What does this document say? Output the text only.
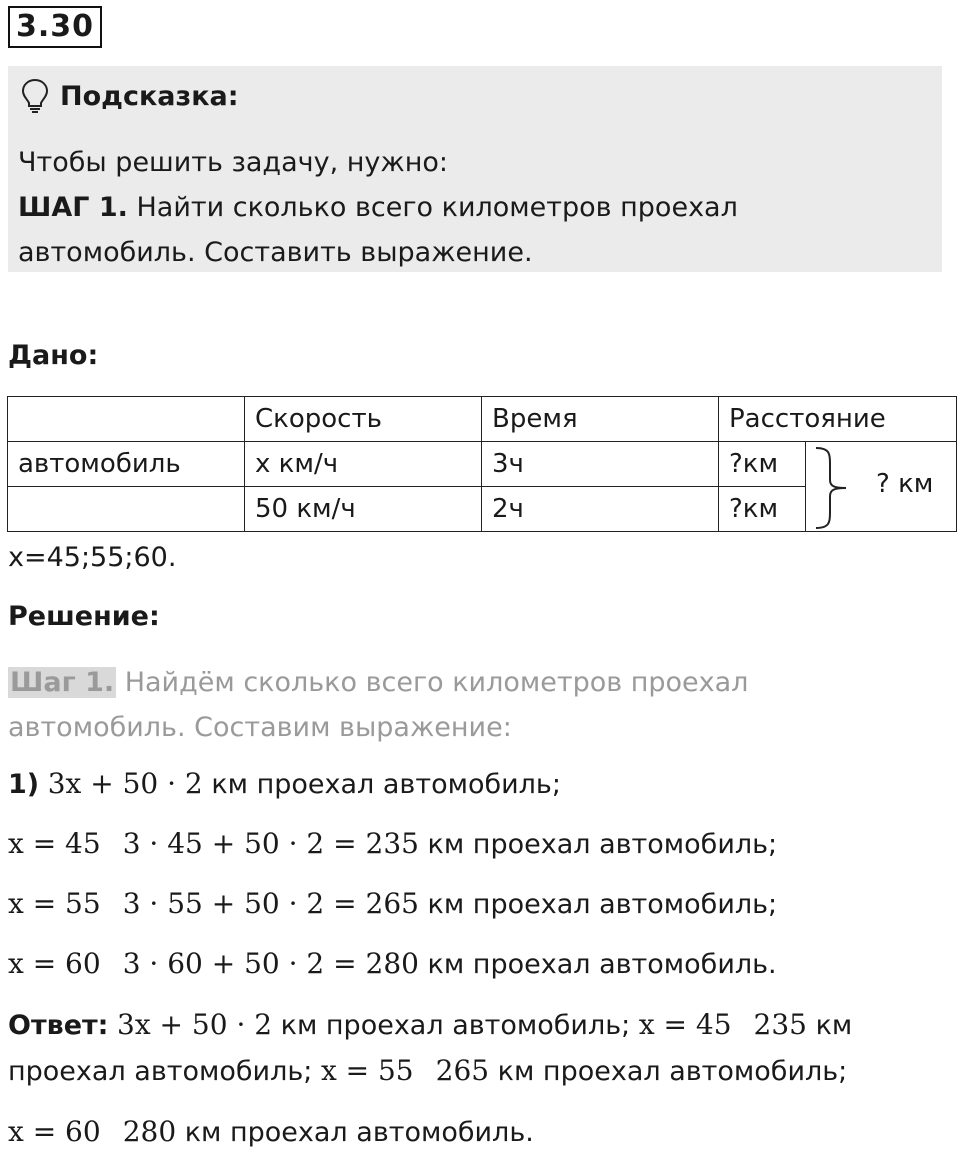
3.30
Подсказка:
Чтобы решить задачу, нужно:
ШАГ 1. Найти сколько всего километров проехал
автомобиль. Составить выражение.
Дано:
	Скорость	Время	Расстояние	
автомобиль	х км/ч	3ч	?км	? км

	50 км/ч	2ч	?км	
х=45;55;60.
Решение:
Шаг 1. Найдём сколько всего километров проехал
автомобиль. Составим выражение:
1) 3x + 50 · 2 км проехал автомобиль;
x = 45 3 · 45 + 50 · 2 = 235 км проехал автомобиль;
x = 55 3 · 55 + 50 · 2 = 265 км проехал автомобиль;
x = 60 3 · 60 + 50 · 2 = 280 км проехал автомобиль.
Ответ: 3x + 50 · 2 км проехал автомобиль; x = 45 235 км
проехал автомобиль; x = 55 265 км проехал автомобиль;
x = 60 280 км проехал автомобиль.
